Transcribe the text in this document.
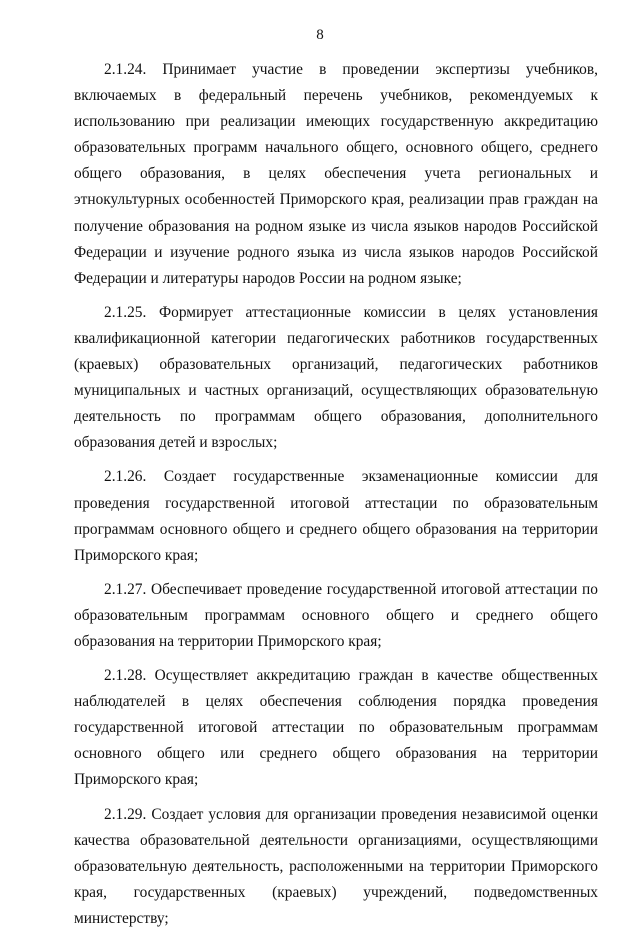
8

2.1.24. Принимает участие в проведении экспертизы учебников, включаемых в федеральный перечень учебников, рекомендуемых к использованию при реализации имеющих государственную аккредитацию образовательных программ начального общего, основного общего, среднего общего образования, в целях обеспечения учета региональных и этнокультурных особенностей Приморского края, реализации прав граждан на получение образования на родном языке из числа языков народов Российской Федерации и изучение родного языка из числа языков народов Российской Федерации и литературы народов России на родном языке;

2.1.25. Формирует аттестационные комиссии в целях установления квалификационной категории педагогических работников государственных (краевых) образовательных организаций, педагогических работников муниципальных и частных организаций, осуществляющих образовательную деятельность по программам общего образования, дополнительного образования детей и взрослых;

2.1.26. Создает государственные экзаменационные комиссии для проведения государственной итоговой аттестации по образовательным программам основного общего и среднего общего образования на территории Приморского края;

2.1.27. Обеспечивает проведение государственной итоговой аттестации по образовательным программам основного общего и среднего общего образования на территории Приморского края;

2.1.28. Осуществляет аккредитацию граждан в качестве общественных наблюдателей в целях обеспечения соблюдения порядка проведения государственной итоговой аттестации по образовательным программам основного общего или среднего общего образования на территории Приморского края;

2.1.29. Создает условия для организации проведения независимой оценки качества образовательной деятельности организациями, осуществляющими образовательную деятельность, расположенными на территории Приморского края, государственных (краевых) учреждений, подведомственных министерству;
